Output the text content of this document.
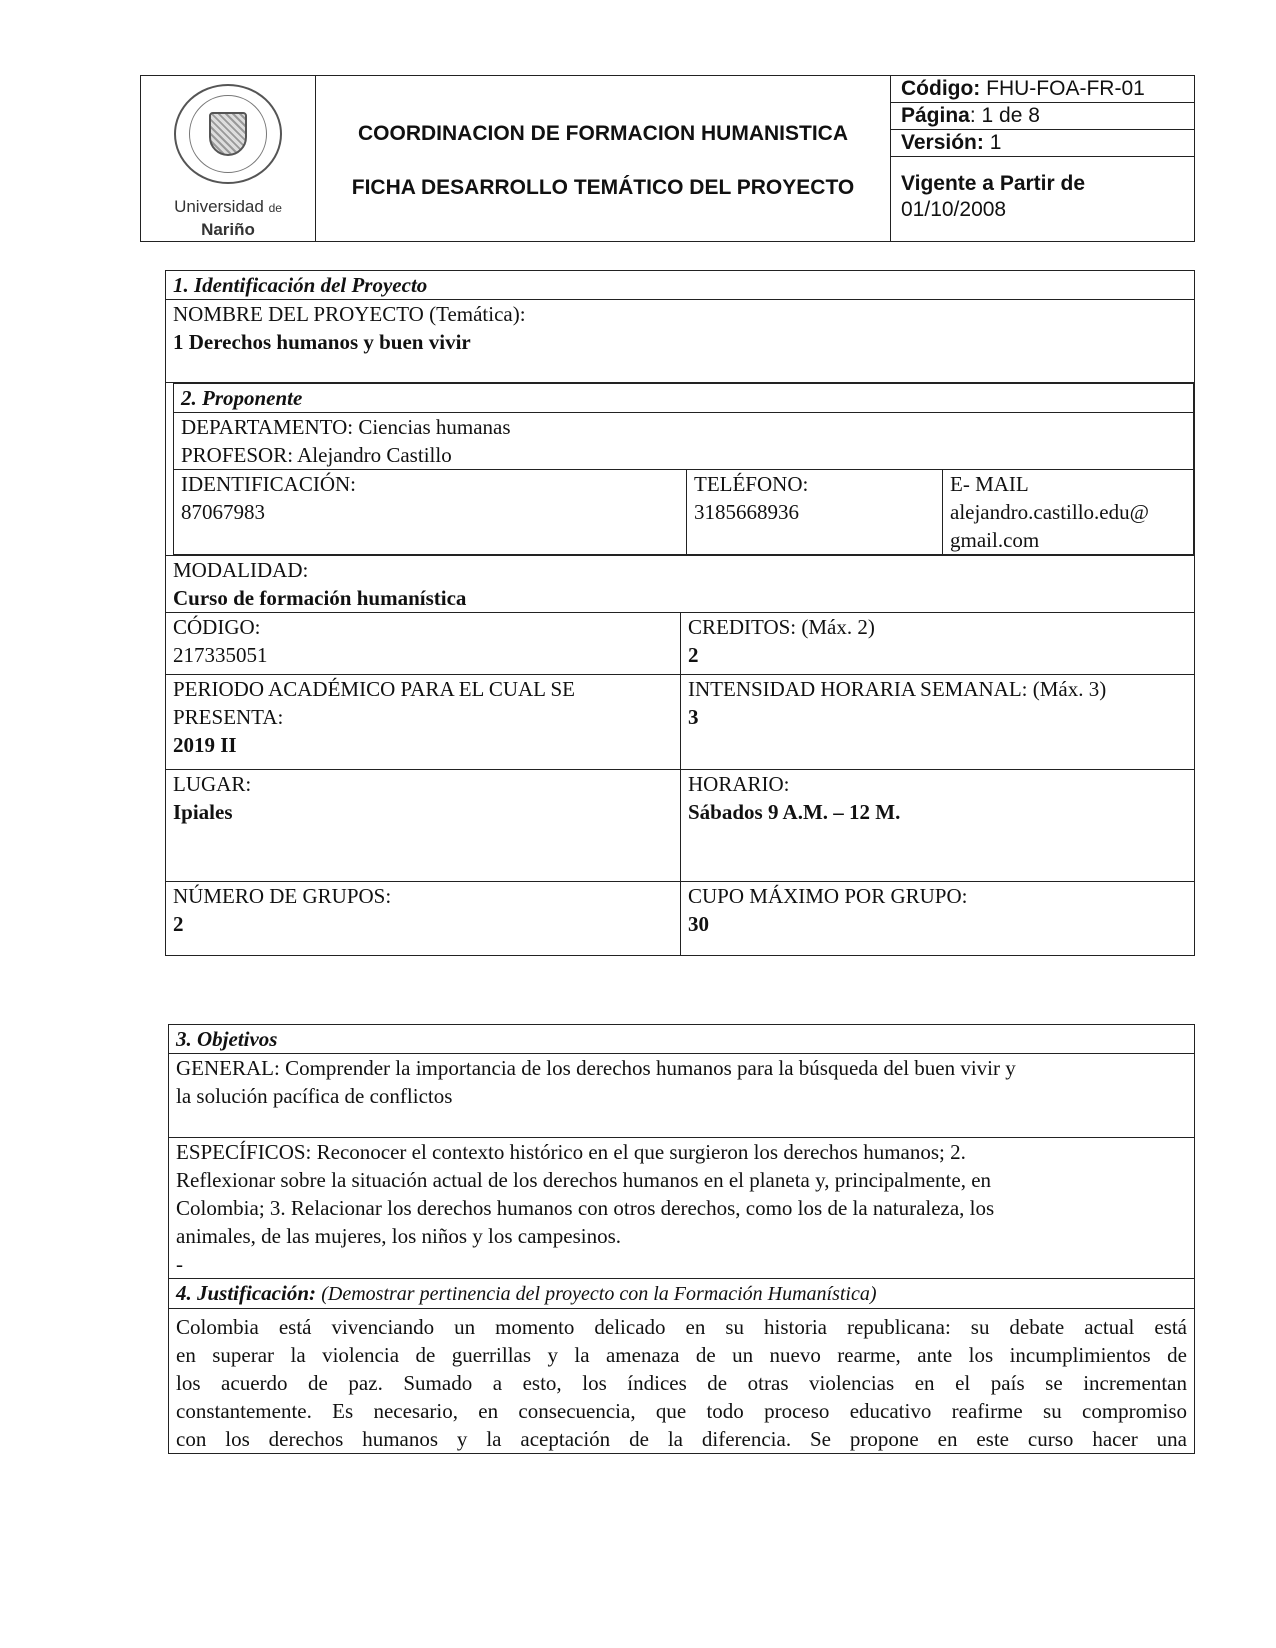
Universidad de
Nariño
COORDINACION DE FORMACION HUMANISTICA
FICHA DESARROLLO TEMÁTICO DEL PROYECTO
Código: FHU-FOA-FR-01
Página: 1 de 8
Versión: 1
Vigente a Partir de
01/10/2008
1. Identificación del Proyecto

NOMBRE DEL PROYECTO (Temática):
1 Derechos humanos y buen vivir

2. Proponente

DEPARTAMENTO: Ciencias humanas
PROFESOR: Alejandro Castillo

IDENTIFICACIÓN:
87067983

TELÉFONO:
3185668936

E- MAIL
alejandro.castillo.edu@
gmail.com

MODALIDAD:
Curso de formación humanística

CÓDIGO:
217335051

CREDITOS: (Máx. 2)
2

PERIODO ACADÉMICO PARA EL CUAL SE
PRESENTA:
2019 II

INTENSIDAD HORARIA SEMANAL: (Máx. 3)
3

LUGAR:
Ipiales

HORARIO:
Sábados 9 A.M. – 12 M.

NÚMERO DE GRUPOS:
2

CUPO MÁXIMO POR GRUPO:
30
3. Objetivos

GENERAL: Comprender la importancia de los derechos humanos para la búsqueda del buen vivir y
la solución pacífica de conflictos

ESPECÍFICOS: Reconocer el contexto histórico en el que surgieron los derechos humanos; 2.
Reflexionar sobre la situación actual de los derechos humanos en el planeta y, principalmente, en
Colombia; 3. Relacionar los derechos humanos con otros derechos, como los de la naturaleza, los
animales, de las mujeres, los niños y los campesinos.
-

4. Justificación: (Demostrar pertinencia del proyecto con la Formación Humanística)

Colombia está vivenciando un momento delicado en su historia republicana: su debate actual está
en superar la violencia de guerrillas y la amenaza de un nuevo rearme, ante los incumplimientos de
los acuerdo de paz. Sumado a esto, los índices de otras violencias en el país se incrementan
constantemente. Es necesario, en consecuencia, que todo proceso educativo reafirme su compromiso
con los derechos humanos y la aceptación de la diferencia. Se propone en este curso hacer una
